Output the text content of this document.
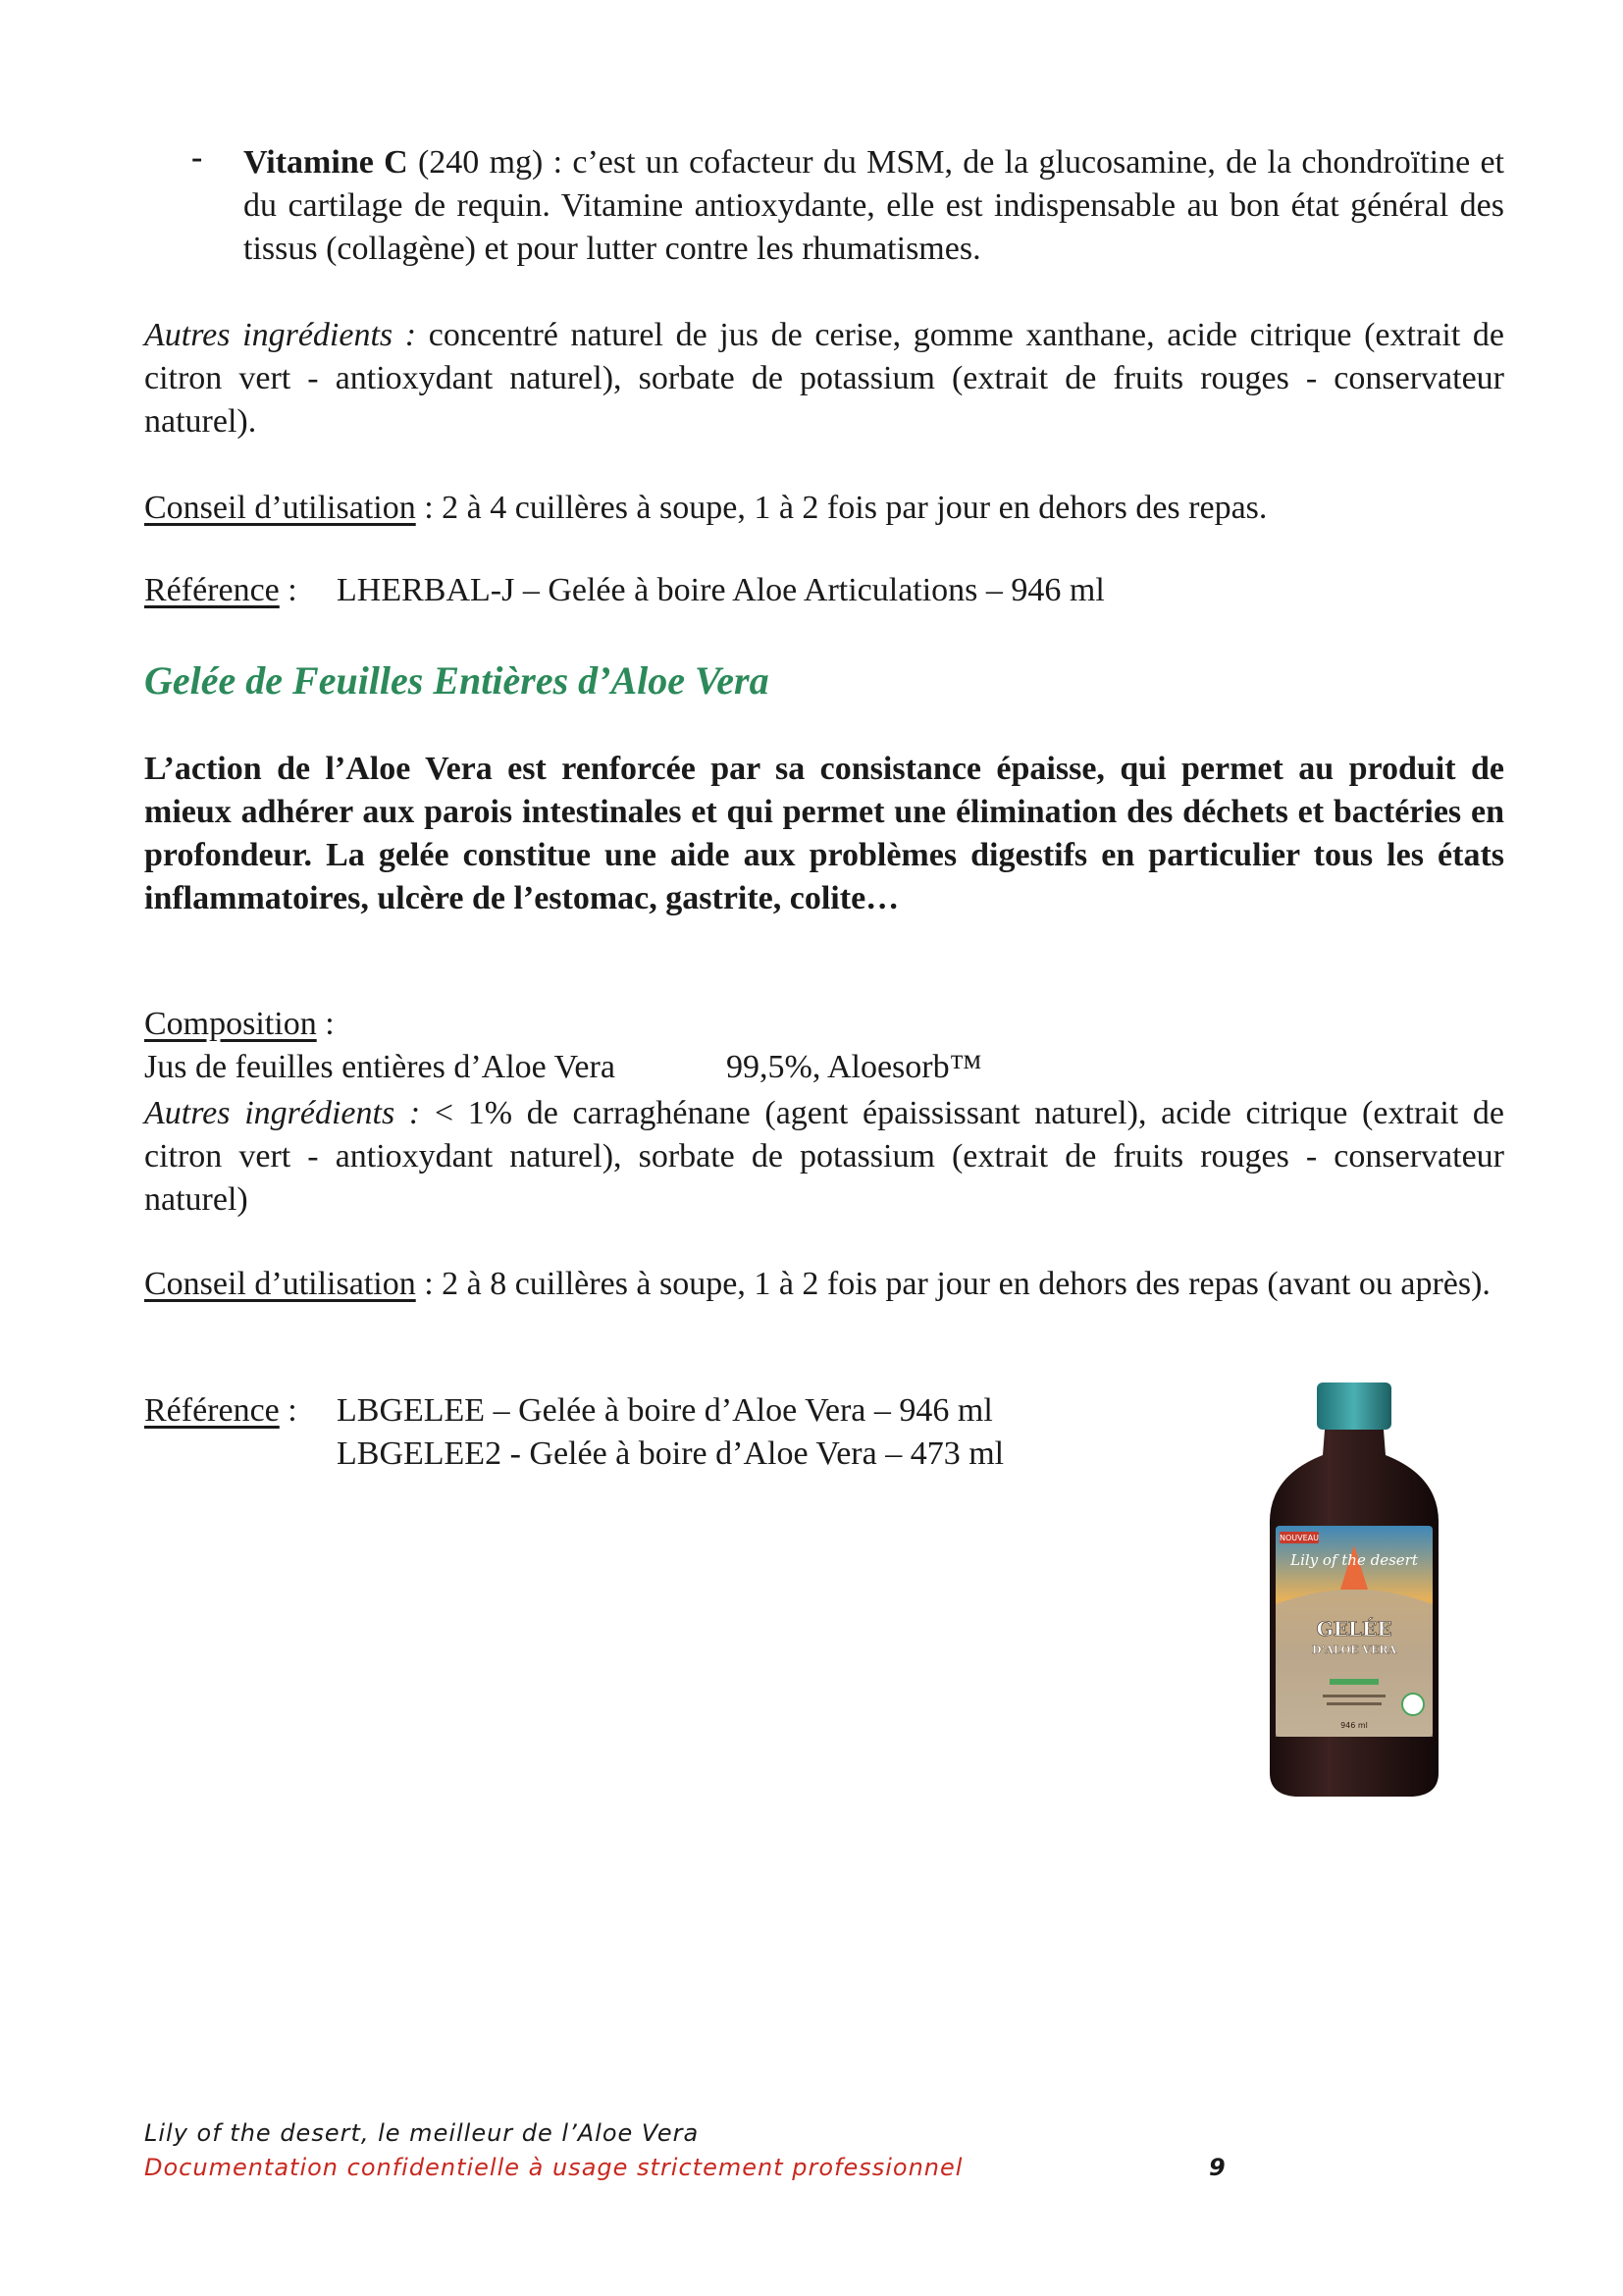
- Vitamine C (240 mg) : c’est un cofacteur du MSM, de la glucosamine, de la chondroïtine et du cartilage de requin. Vitamine antioxydante, elle est indispensable au bon état général des tissus (collagène) et pour lutter contre les rhumatismes.
Autres ingrédients : concentré naturel de jus de cerise, gomme xanthane, acide citrique (extrait de citron vert - antioxydant naturel), sorbate de potassium (extrait de fruits rouges - conservateur naturel).
Conseil d’utilisation : 2 à 4 cuillères à soupe, 1 à 2 fois par jour en dehors des repas.
Référence : LHERBAL-J – Gelée à boire Aloe Articulations – 946 ml
Gelée de Feuilles Entières d’Aloe Vera
L’action de l’Aloe Vera est renforcée par sa consistance épaisse, qui permet au produit de mieux adhérer aux parois intestinales et qui permet une élimination des déchets et bactéries en profondeur. La gelée constitue une aide aux problèmes digestifs en particulier tous les états inflammatoires, ulcère de l’estomac, gastrite, colite…
Composition :
Jus de feuilles entières d’Aloe Vera	99,5%, Aloesorb™
Autres ingrédients : < 1% de carraghénane (agent épaississant naturel), acide citrique (extrait de citron vert - antioxydant naturel), sorbate de potassium (extrait de fruits rouges - conservateur naturel)
Conseil d’utilisation : 2 à 8 cuillères à soupe, 1 à 2 fois par jour en dehors des repas (avant ou après).
Référence : LBGELEE – Gelée à boire d’Aloe Vera – 946 ml
LBGELEE2 - Gelée à boire d’Aloe Vera – 473 ml
NOUVEAU
Lily of the desert
GELÉE
D’ALOE VERA
946 ml
Lily of the desert, le meilleur de l’Aloe Vera
Documentation confidentielle à usage strictement professionnel	9
